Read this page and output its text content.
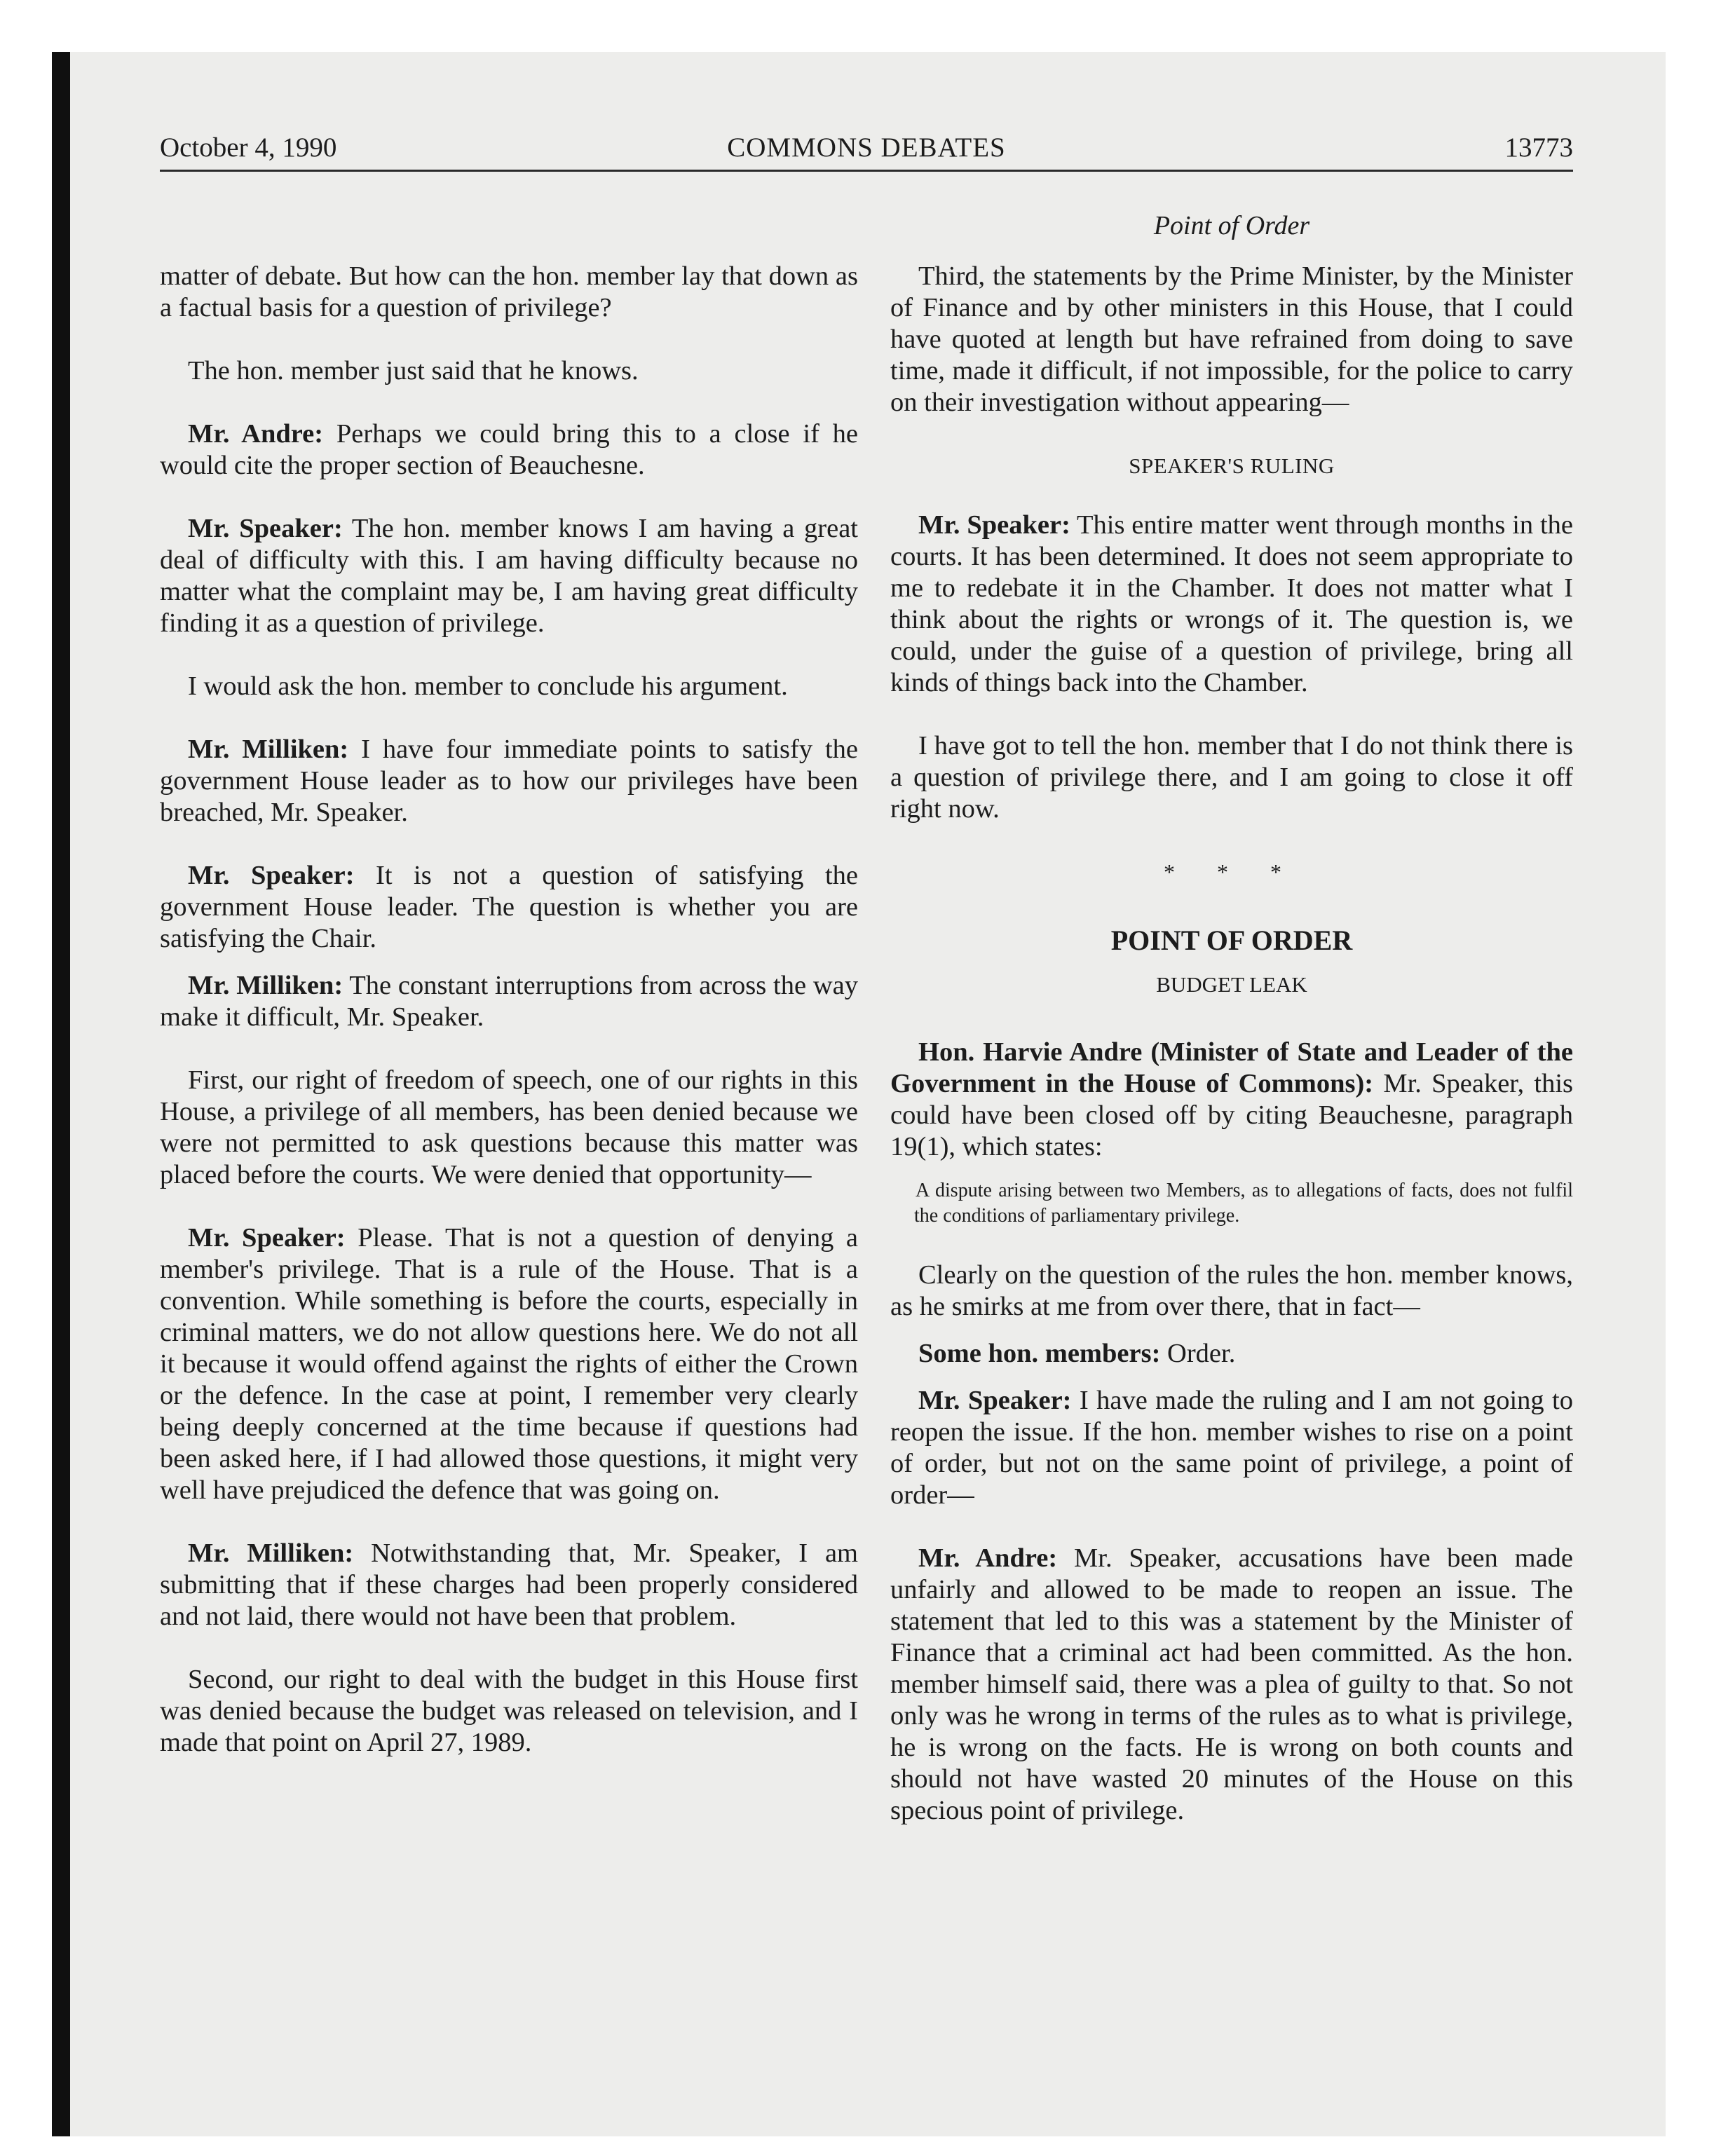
October 4, 1990	COMMONS DEBATES	13773
Point of Order

matter of debate. But how can the hon. member lay that down as a factual basis for a question of privilege?

The hon. member just said that he knows.

Mr. Andre: Perhaps we could bring this to a close if he would cite the proper section of Beauchesne.

Mr. Speaker: The hon. member knows I am having a great deal of difficulty with this. I am having difficulty because no matter what the complaint may be, I am having great difficulty finding it as a question of privilege.

I would ask the hon. member to conclude his argument.

Mr. Milliken: I have four immediate points to satisfy the government House leader as to how our privileges have been breached, Mr. Speaker.

Mr. Speaker: It is not a question of satisfying the government House leader. The question is whether you are satisfying the Chair.

Mr. Milliken: The constant interruptions from across the way make it difficult, Mr. Speaker.

First, our right of freedom of speech, one of our rights in this House, a privilege of all members, has been denied because we were not permitted to ask questions because this matter was placed before the courts. We were denied that opportunity—

Mr. Speaker: Please. That is not a question of denying a member's privilege. That is a rule of the House. That is a convention. While something is before the courts, especially in criminal matters, we do not allow questions here. We do not all it because it would offend against the rights of either the Crown or the defence. In the case at point, I remember very clearly being deeply concerned at the time because if questions had been asked here, if I had allowed those questions, it might very well have prejudiced the defence that was going on.

Mr. Milliken: Notwithstanding that, Mr. Speaker, I am submitting that if these charges had been properly considered and not laid, there would not have been that problem.

Second, our right to deal with the budget in this House first was denied because the budget was released on television, and I made that point on April 27, 1989.

Third, the statements by the Prime Minister, by the Minister of Finance and by other ministers in this House, that I could have quoted at length but have refrained from doing to save time, made it difficult, if not impossible, for the police to carry on their investigation without appearing—

SPEAKER'S RULING

Mr. Speaker: This entire matter went through months in the courts. It has been determined. It does not seem appropriate to me to redebate it in the Chamber. It does not matter what I think about the rights or wrongs of it. The question is, we could, under the guise of a question of privilege, bring all kinds of things back into the Chamber.

I have got to tell the hon. member that I do not think there is a question of privilege there, and I am going to close it off right now.

* * *
POINT OF ORDER
BUDGET LEAK

Hon. Harvie Andre (Minister of State and Leader of the Government in the House of Commons): Mr. Speaker, this could have been closed off by citing Beauchesne, paragraph 19(1), which states:

A dispute arising between two Members, as to allegations of facts, does not fulfil the conditions of parliamentary privilege.

Clearly on the question of the rules the hon. member knows, as he smirks at me from over there, that in fact—

Some hon. members: Order.

Mr. Speaker: I have made the ruling and I am not going to reopen the issue. If the hon. member wishes to rise on a point of order, but not on the same point of privilege, a point of order—

Mr. Andre: Mr. Speaker, accusations have been made unfairly and allowed to be made to reopen an issue. The statement that led to this was a statement by the Minister of Finance that a criminal act had been committed. As the hon. member himself said, there was a plea of guilty to that. So not only was he wrong in terms of the rules as to what is privilege, he is wrong on the facts. He is wrong on both counts and should not have wasted 20 minutes of the House on this specious point of privilege.
